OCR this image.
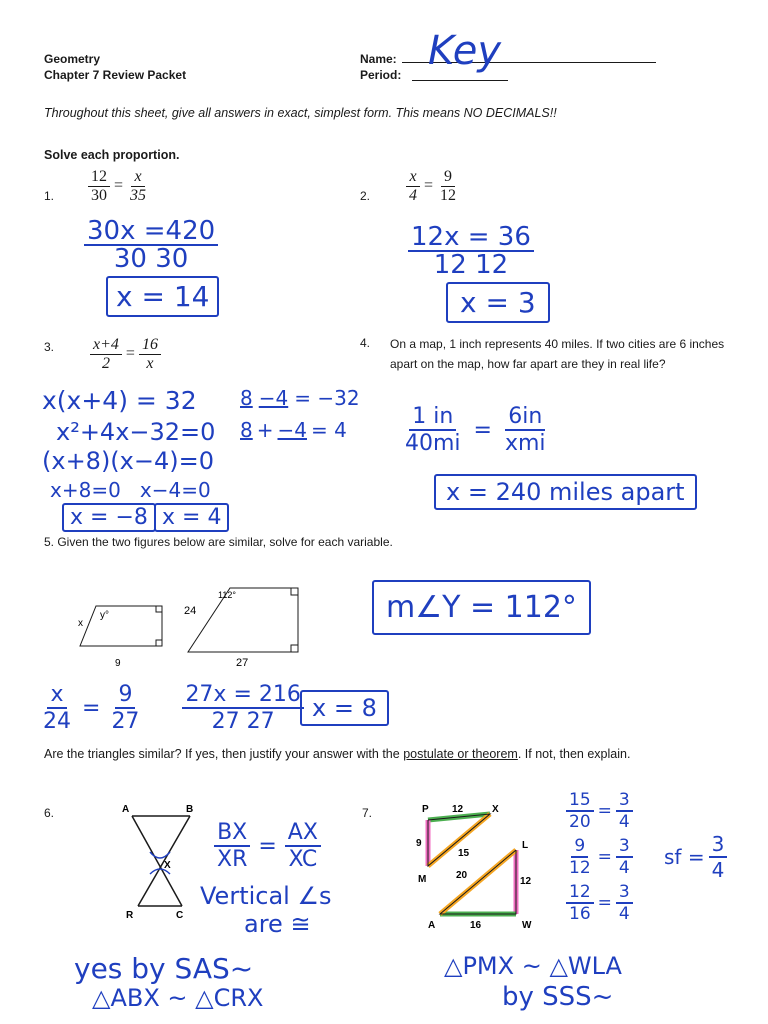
Geometry
Chapter 7 Review Packet
Name: Key
Period:
Throughout this sheet, give all answers in exact, simplest form. This means NO DECIMALS!!
Solve each proportion.
1. $\frac{12}{30} = \frac{x}{35}$
$\frac{30x =420}{30 30}$
x = 14
2. $\frac{x}{4} = \frac{9}{12}$
$\frac{12x = 36}{12 12}$
x = 3
3. $\frac{x+4}{2} = \frac{16}{x}$
x(x+4) = 32
x²+4x−32=0
(x+8)(x−4)=0
x+8=0   x−4=0
x = −8 x = 4
8 −4 = −32
8 + −4 = 4
4. On a map, 1 inch represents 40 miles. If two cities are 6 inches apart on the map, how far apart are they in real life?
$\frac{1 in}{40mi} = \frac{6in}{\text{xmi}}$
x = 240 miles apart
5. Given the two figures below are similar, solve for each variable.
y°
x
9
112°
24
27
m∠Y = 112°
$\frac{x}{24} = \frac{9}{27} \frac{27x = 216}{27 27}$ x = 8
Are the triangles similar? If yes, then justify your answer with the postulate or theorem. If not, then explain.
6.	A	B
X
R	C
$\frac{BX}{XR} = \frac{AX}{XC}$
Vertical ∠s
are ≅
yes by SAS~
△ABX ~ △CRX
7.	P 12	X
9
15
L
M	20
12
A	16	W
$\frac{15}{20} = \frac{3}{4}$
$\frac{9}{12} = \frac{3}{4}$
$\frac{12}{16} = \frac{3}{4}$
sf = $\frac{3}{4}$
△PMX ~ △WLA
by SSS~
